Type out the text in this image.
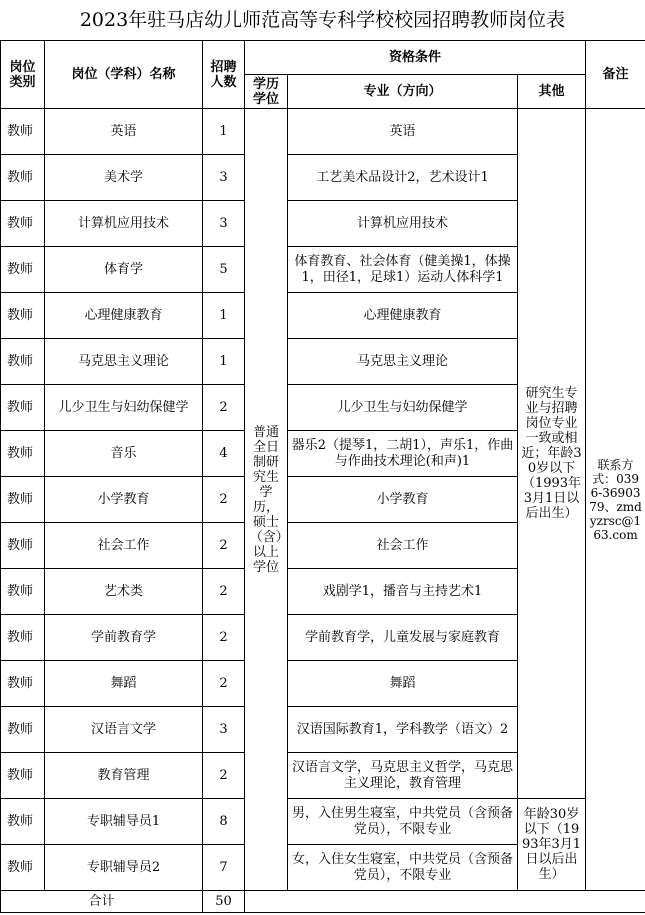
2023年驻马店幼儿师范高等专科学校校园招聘教师岗位表
岗位类别	岗位（学科）名称	招聘人数	资格条件			备注
			学历学位	专业（方向）	其他	
教师	英语	1	普通全日制研究生学历，硕士（含）以上学位	英语	研究生专业与招聘岗位专业一致或相近；年龄30岁以下（1993年3月1日以后出生）	联系方式：0396-3690379、zmdyzrsc@163.com
教师	美术学	3		工艺美术品设计2，艺术设计1		
教师	计算机应用技术	3		计算机应用技术		
教师	体育学	5		体育教育、社会体育（健美操1，体操1，田径1，足球1）运动人体科学1		
教师	心理健康教育	1		心理健康教育		
教师	马克思主义理论	1		马克思主义理论		
教师	儿少卫生与妇幼保健学	2		儿少卫生与妇幼保健学		
教师	音乐	4		器乐2（提琴1，二胡1），声乐1，作曲与作曲技术理论(和声)1		
教师	小学教育	2		小学教育		
教师	社会工作	2		社会工作		
教师	艺术类	2		戏剧学1，播音与主持艺术1		
教师	学前教育学	2		学前教育学，儿童发展与家庭教育		
教师	舞蹈	2		舞蹈		
教师	汉语言文学	3		汉语国际教育1，学科教学（语文）2		
教师	教育管理	2		汉语言文学，马克思主义哲学，马克思主义理论，教育管理		
教师	专职辅导员1	8		男，入住男生寝室，中共党员（含预备党员），不限专业	年龄30岁以下（1993年3月1日以后出生）	
教师	专职辅导员2	7		女，入住女生寝室，中共党员（含预备党员），不限专业		
合计		50				
